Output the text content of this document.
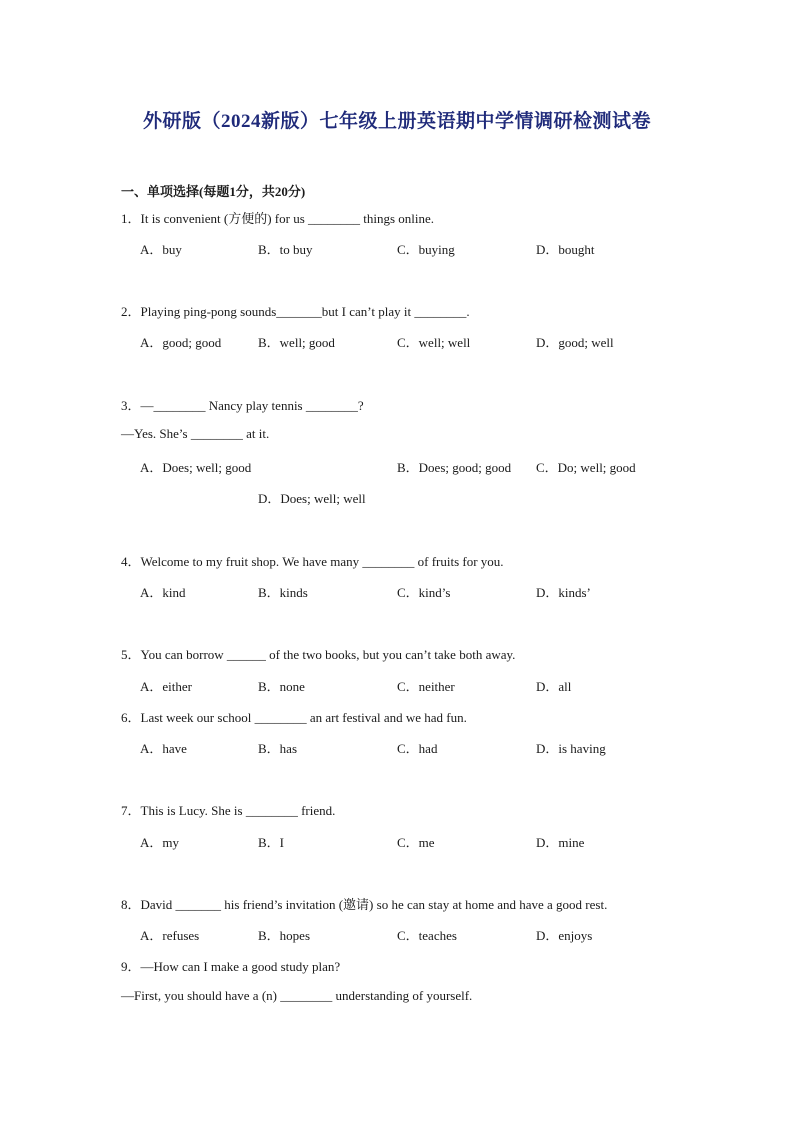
外研版（2024新版）七年级上册英语期中学情调研检测试卷
一、单项选择(每题1分，共20分)
1．It is convenient (方便的) for us ________ things online.
A．buy	B．to buy	C．buying	D．bought
2．Playing ping-pong sounds_______but I can’t play it ________.
A．good; good	B．well; good	C．well; well	D．good; well
3．—________ Nancy play tennis ________?
—Yes. She’s ________ at it.
A．Does; well; good	B．Does; good; good C．Do; well; good
D．Does; well; well
4．Welcome to my fruit shop. We have many ________ of fruits for you.
A．kind	B．kinds	C．kind’s	D．kinds’
5．You can borrow ______ of the two books, but you can’t take both away.
A．either	B．none	C．neither	D．all
6．Last week our school ________ an art festival and we had fun.
A．have	B．has	C．had	D．is having
7．This is Lucy. She is ________ friend.
A．my	B．I	C．me	D．mine
8．David _______ his friend’s invitation (邀请) so he can stay at home and have a good rest.
A．refuses	B．hopes	C．teaches	D．enjoys
9．—How can I make a good study plan?
—First, you should have a (n) ________ understanding of yourself.
